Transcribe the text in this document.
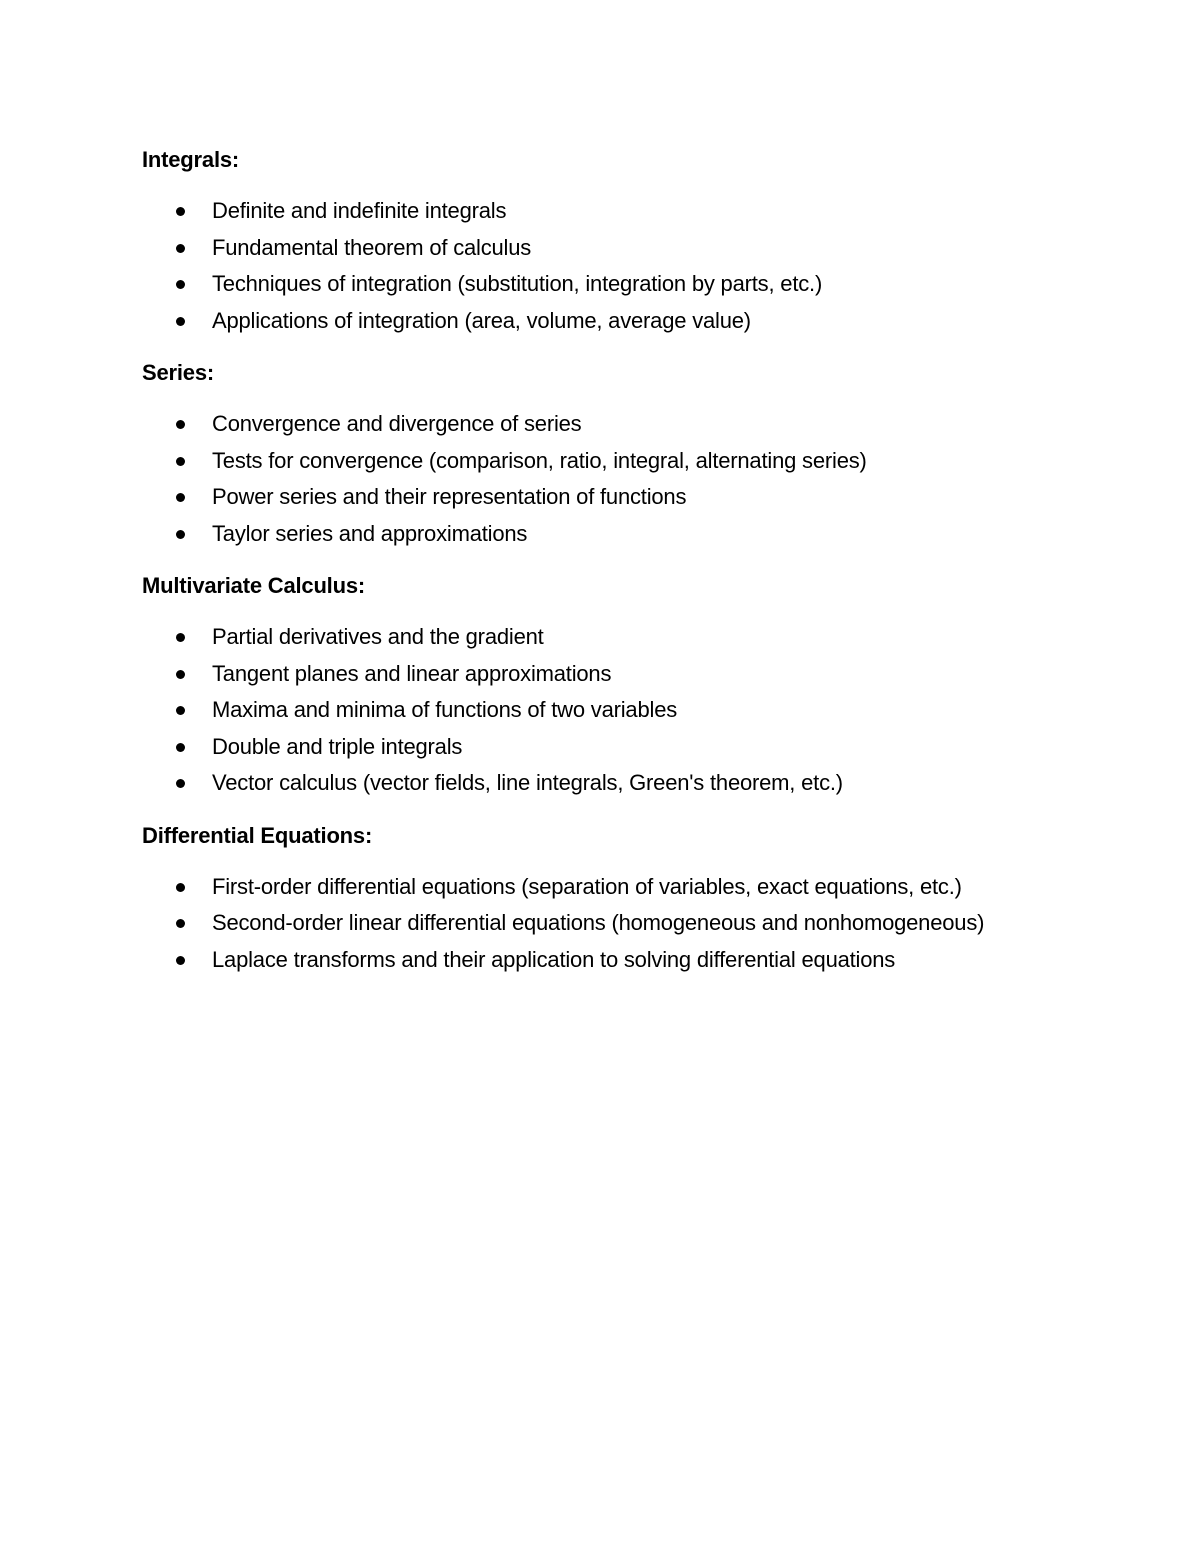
Integrals:
Definite and indefinite integrals
Fundamental theorem of calculus
Techniques of integration (substitution, integration by parts, etc.)
Applications of integration (area, volume, average value)
Series:
Convergence and divergence of series
Tests for convergence (comparison, ratio, integral, alternating series)
Power series and their representation of functions
Taylor series and approximations
Multivariate Calculus:
Partial derivatives and the gradient
Tangent planes and linear approximations
Maxima and minima of functions of two variables
Double and triple integrals
Vector calculus (vector fields, line integrals, Green's theorem, etc.)
Differential Equations:
First-order differential equations (separation of variables, exact equations, etc.)
Second-order linear differential equations (homogeneous and nonhomogeneous)
Laplace transforms and their application to solving differential equations
